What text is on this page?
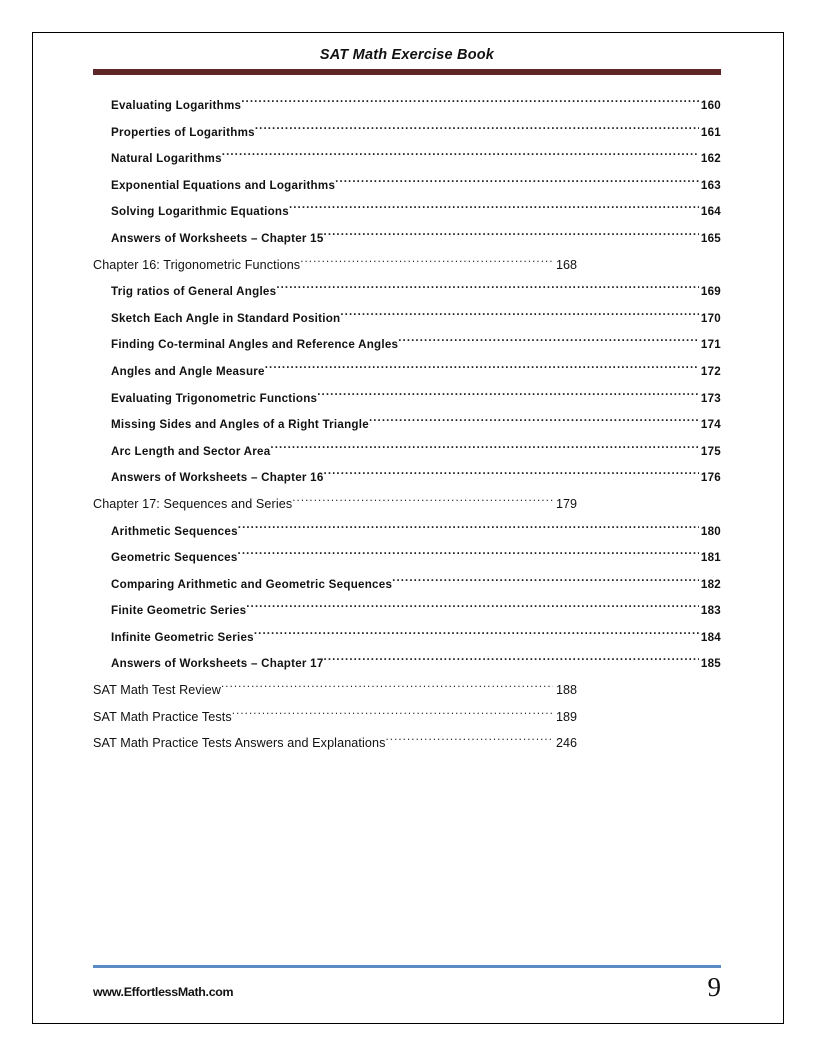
SAT Math Exercise Book
Evaluating Logarithms .....	160
Properties of Logarithms .....	161
Natural Logarithms .....	162
Exponential Equations and Logarithms .....	163
Solving Logarithmic Equations .....	164
Answers of Worksheets – Chapter 15 .....	165
Chapter 16: Trigonometric Functions .....	168
Trig ratios of General Angles .....	169
Sketch Each Angle in Standard Position .....	170
Finding Co-terminal Angles and Reference Angles .....	171
Angles and Angle Measure .....	172
Evaluating Trigonometric Functions .....	173
Missing Sides and Angles of a Right Triangle .....	174
Arc Length and Sector Area .....	175
Answers of Worksheets – Chapter 16 .....	176
Chapter 17: Sequences and Series .....	179
Arithmetic Sequences .....	180
Geometric Sequences .....	181
Comparing Arithmetic and Geometric Sequences .....	182
Finite Geometric Series .....	183
Infinite Geometric Series .....	184
Answers of Worksheets – Chapter 17 .....	185
SAT Math Test Review .....	188
SAT Math Practice Tests .....	189
SAT Math Practice Tests Answers and Explanations .....	246
www.EffortlessMath.com	9
